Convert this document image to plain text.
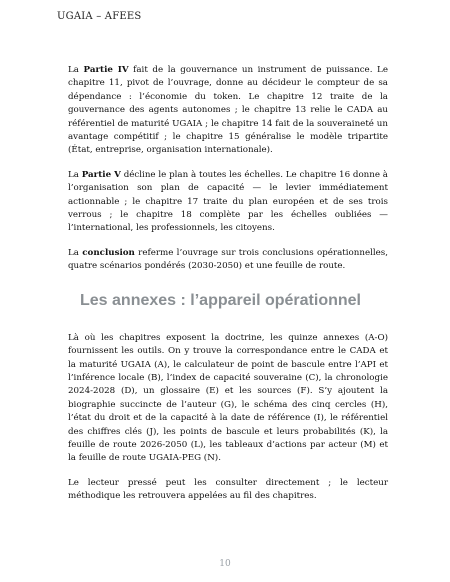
UGAIA – AFEES

La Partie IV fait de la gouvernance un instrument de puissance. Le chapitre 11, pivot de l’ouvrage, donne au décideur le compteur de sa dépendance : l’économie du token. Le chapitre 12 traite de la gouvernance des agents autonomes ; le chapitre 13 relie le CADA au référentiel de maturité UGAIA ; le chapitre 14 fait de la souveraineté un avantage compétitif ; le chapitre 15 généralise le modèle tripartite (État, entreprise, organisation internationale).

La Partie V décline le plan à toutes les échelles. Le chapitre 16 donne à l’organisation son plan de capacité — le levier immédiatement actionnable ; le chapitre 17 traite du plan européen et de ses trois verrous ; le chapitre 18 complète par les échelles oubliées — l’international, les professionnels, les citoyens.

La conclusion referme l’ouvrage sur trois conclusions opérationnelles, quatre scénarios pondérés (2030-2050) et une feuille de route.

Les annexes : l’appareil opérationnel

Là où les chapitres exposent la doctrine, les quinze annexes (A-O) fournissent les outils. On y trouve la correspondance entre le CADA et la maturité UGAIA (A), le calculateur de point de bascule entre l’API et l’inférence locale (B), l’index de capacité souveraine (C), la chronologie 2024-2028 (D), un glossaire (E) et les sources (F). S’y ajoutent la biographie succincte de l’auteur (G), le schéma des cinq cercles (H), l’état du droit et de la capacité à la date de référence (I), le référentiel des chiffres clés (J), les points de bascule et leurs probabilités (K), la feuille de route 2026-2050 (L), les tableaux d’actions par acteur (M) et la feuille de route UGAIA-PEG (N).

Le lecteur pressé peut les consulter directement ; le lecteur méthodique les retrouvera appelées au fil des chapitres.

10
